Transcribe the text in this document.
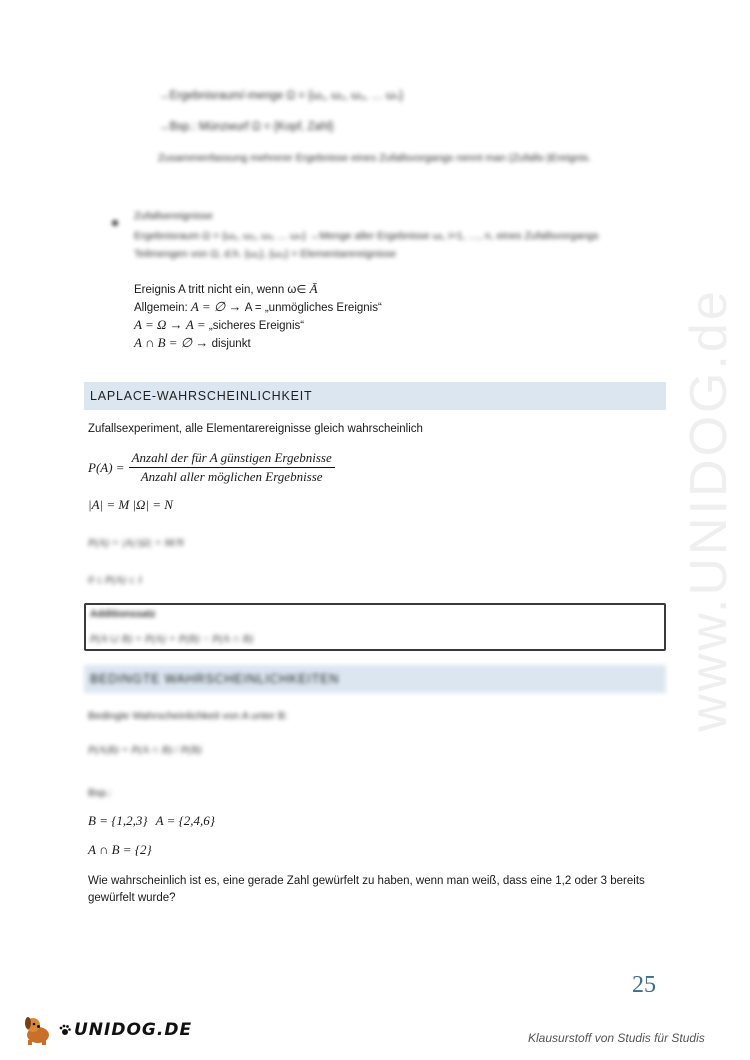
www.UNIDOG.de
→Ergebnisraum/-menge Ω = {ω₁, ω₂, ω₃, … ωₙ}
→Bsp.: Münzwurf Ω = {Kopf, Zahl}
Zusammenfassung mehrerer Ergebnisse eines Zufallsvorgangs nennt man (Zufalls-)Ereignis.
Zufallsereignisse
Ergebnisraum Ω = {ω₁, ω₂, ω₃ … ωₙ} →Menge aller Ergebnisse ωᵢ, i=1, …, n, eines Zufallsvorgangs
Teilmengen von Ω, d.h. {ω₁}, {ω₂} = Elementarereignisse
Ereignis A tritt nicht ein, wenn ω∈ Ā
Allgemein: A = ∅ → A = „unmögliches Ereignis“
A = Ω → A = „sicheres Ereignis“
A ∩ B = ∅ → disjunkt
LAPLACE-WAHRSCHEINLICHKEIT
Zufallsexperiment, alle Elementarereignisse gleich wahrscheinlich
$P(A) = \frac{\text{Anzahl der für A günstigen Ergebnisse}}{\text{Anzahl aller möglichen Ergebnisse}}$
|A| = M |Ω| = N
P(A) = |A|/|Ω| = M/N
0 ≤ P(A) ≤ 1
Additionssatz
P(A ∪ B) = P(A) + P(B) − P(A ∩ B)
BEDINGTE WAHRSCHEINLICHKEITEN
Bedingte Wahrscheinlichkeit von A unter B:
P(A|B) = P(A ∩ B) / P(B)
Bsp.:
B = {1,2,3} A = {2,4,6}
A ∩ B = {2}
Wie wahrscheinlich ist es, eine gerade Zahl gewürfelt zu haben, wenn man weiß, dass eine 1,2 oder 3 bereits gewürfelt wurde?
25
UNIDOG.DE	Klausurstoff von Studis für Studis
